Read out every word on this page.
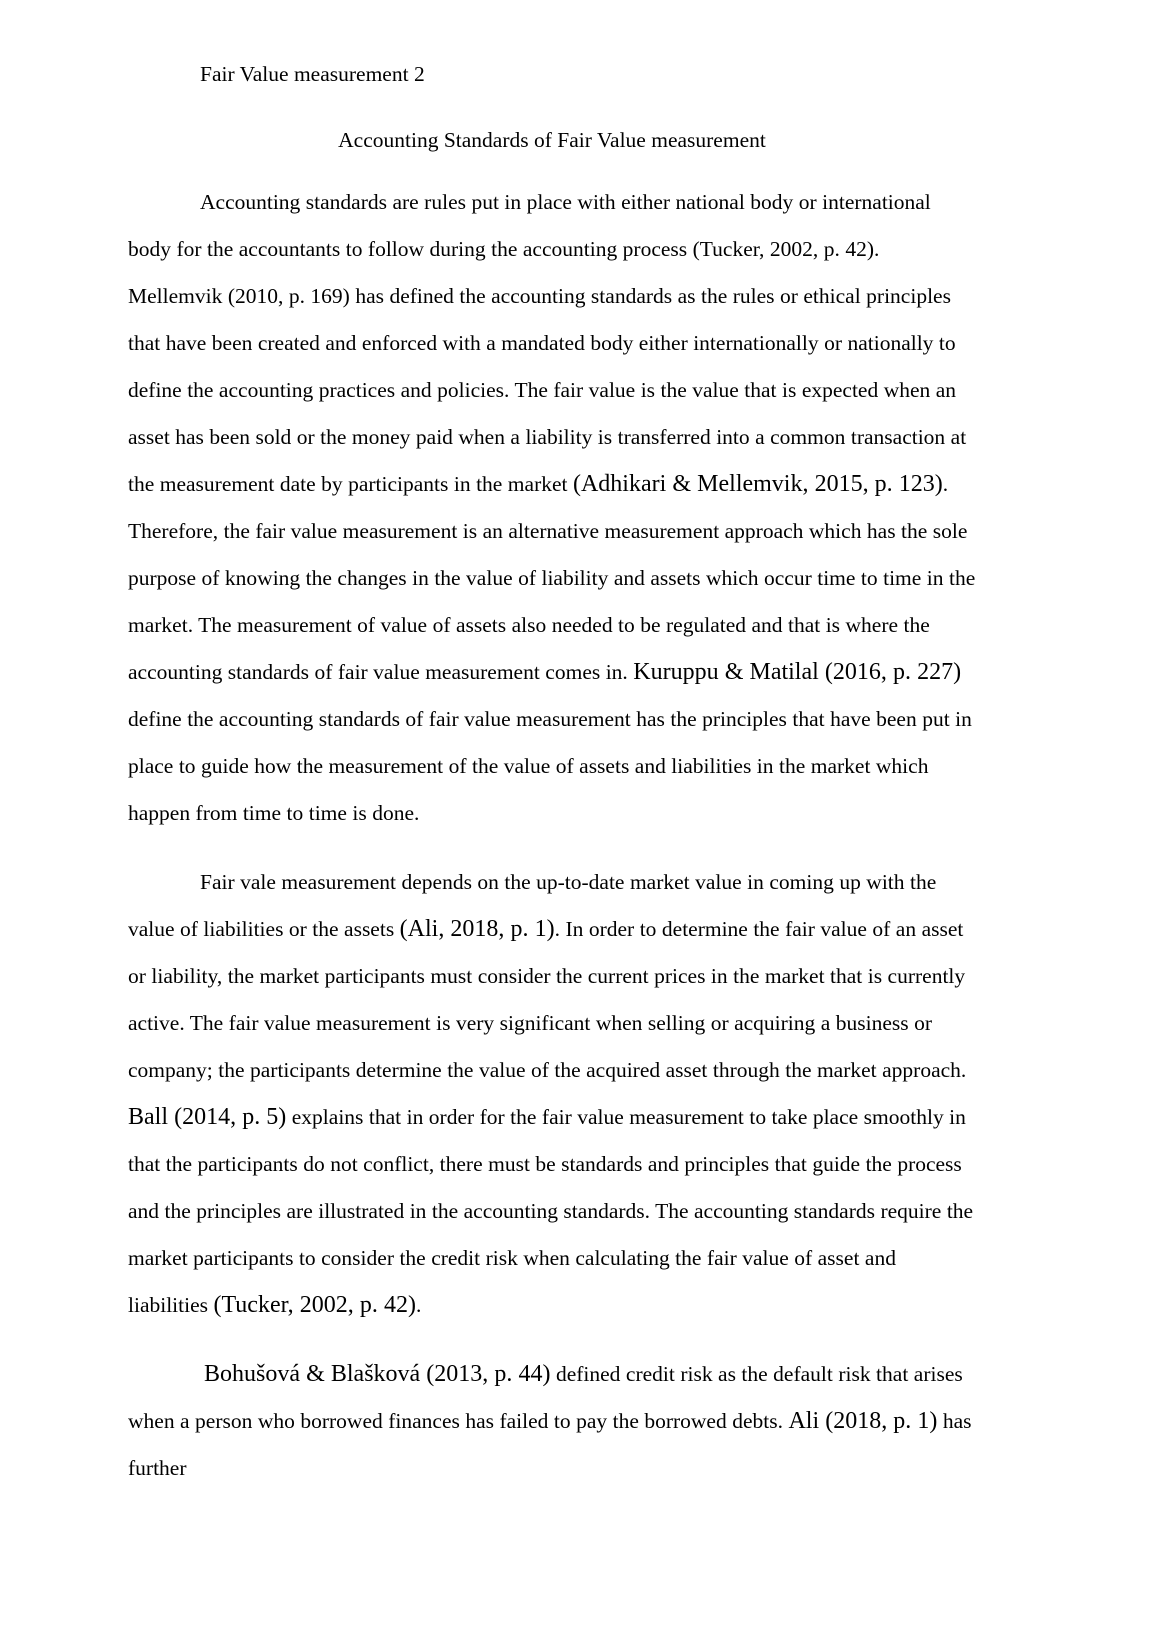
Fair Value measurement 2
Accounting Standards of Fair Value measurement

Accounting standards are rules put in place with either national body or international body for the accountants to follow during the accounting process (Tucker, 2002, p. 42). Mellemvik (2010, p. 169) has defined the accounting standards as the rules or ethical principles that have been created and enforced with a mandated body either internationally or nationally to define the accounting practices and policies. The fair value is the value that is expected when an asset has been sold or the money paid when a liability is transferred into a common transaction at the measurement date by participants in the market (Adhikari & Mellemvik, 2015, p. 123). Therefore, the fair value measurement is an alternative measurement approach which has the sole purpose of knowing the changes in the value of liability and assets which occur time to time in the market. The measurement of value of assets also needed to be regulated and that is where the accounting standards of fair value measurement comes in. Kuruppu & Matilal (2016, p. 227) define the accounting standards of fair value measurement has the principles that have been put in place to guide how the measurement of the value of assets and liabilities in the market which happen from time to time is done.

Fair vale measurement depends on the up-to-date market value in coming up with the value of liabilities or the assets (Ali, 2018, p. 1). In order to determine the fair value of an asset or liability, the market participants must consider the current prices in the market that is currently active. The fair value measurement is very significant when selling or acquiring a business or company; the participants determine the value of the acquired asset through the market approach. Ball (2014, p. 5) explains that in order for the fair value measurement to take place smoothly in that the participants do not conflict, there must be standards and principles that guide the process and the principles are illustrated in the accounting standards. The accounting standards require the market participants to consider the credit risk when calculating the fair value of asset and liabilities (Tucker, 2002, p. 42).

Bohušová & Blašková (2013, p. 44) defined credit risk as the default risk that arises when a person who borrowed finances has failed to pay the borrowed debts. Ali (2018, p. 1) has further
